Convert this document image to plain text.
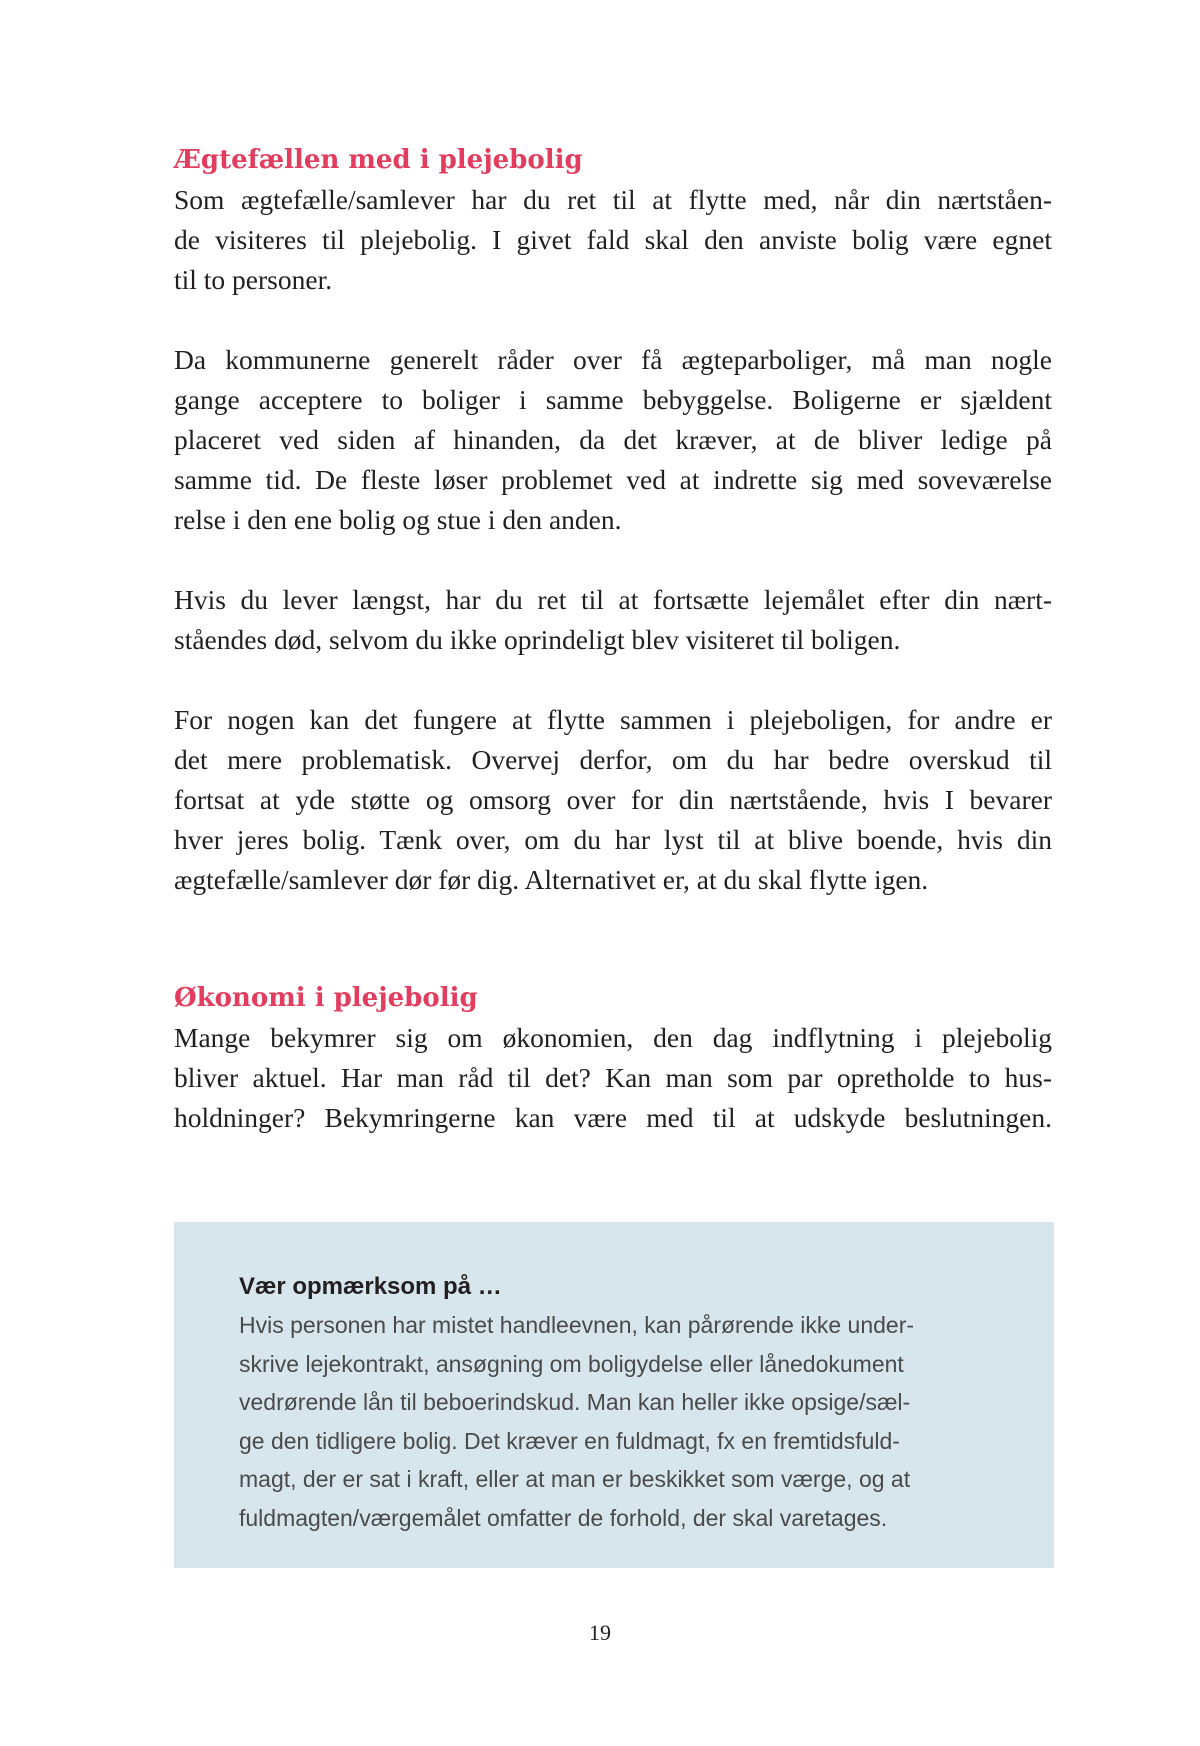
Ægtefællen med i plejebolig

Som ægtefælle/samlever har du ret til at flytte med, når din nærtståen-
de visiteres til plejebolig. I givet fald skal den anviste bolig være egnet
til to personer.

Da kommunerne generelt råder over få ægteparboliger, må man nogle
gange acceptere to boliger i samme bebyggelse. Boligerne er sjældent
placeret ved siden af hinanden, da det kræver, at de bliver ledige på
samme tid. De fleste løser problemet ved at indrette sig med soveværelse
relse i den ene bolig og stue i den anden.

Hvis du lever længst, har du ret til at fortsætte lejemålet efter din nært-
ståendes død, selvom du ikke oprindeligt blev visiteret til boligen.

For nogen kan det fungere at flytte sammen i plejeboligen, for andre er
det mere problematisk. Overvej derfor, om du har bedre overskud til
fortsat at yde støtte og omsorg over for din nærtstående, hvis I bevarer
hver jeres bolig. Tænk over, om du har lyst til at blive boende, hvis din
ægtefælle/samlever dør før dig. Alternativet er, at du skal flytte igen.

Økonomi i plejebolig

Mange bekymrer sig om økonomien, den dag indflytning i plejebolig
bliver aktuel. Har man råd til det? Kan man som par opretholde to hus-
holdninger? Bekymringerne kan være med til at udskyde beslutningen.

Vær opmærksom på …

Hvis personen har mistet handleevnen, kan pårørende ikke under-
skrive lejekontrakt, ansøgning om boligydelse eller lånedokument
vedrørende lån til beboerindskud. Man kan heller ikke opsige/sæl-
ge den tidligere bolig. Det kræver en fuldmagt, fx en fremtidsfuld-
magt, der er sat i kraft, eller at man er beskikket som værge, og at
fuldmagten/værgemålet omfatter de forhold, der skal varetages.

19
